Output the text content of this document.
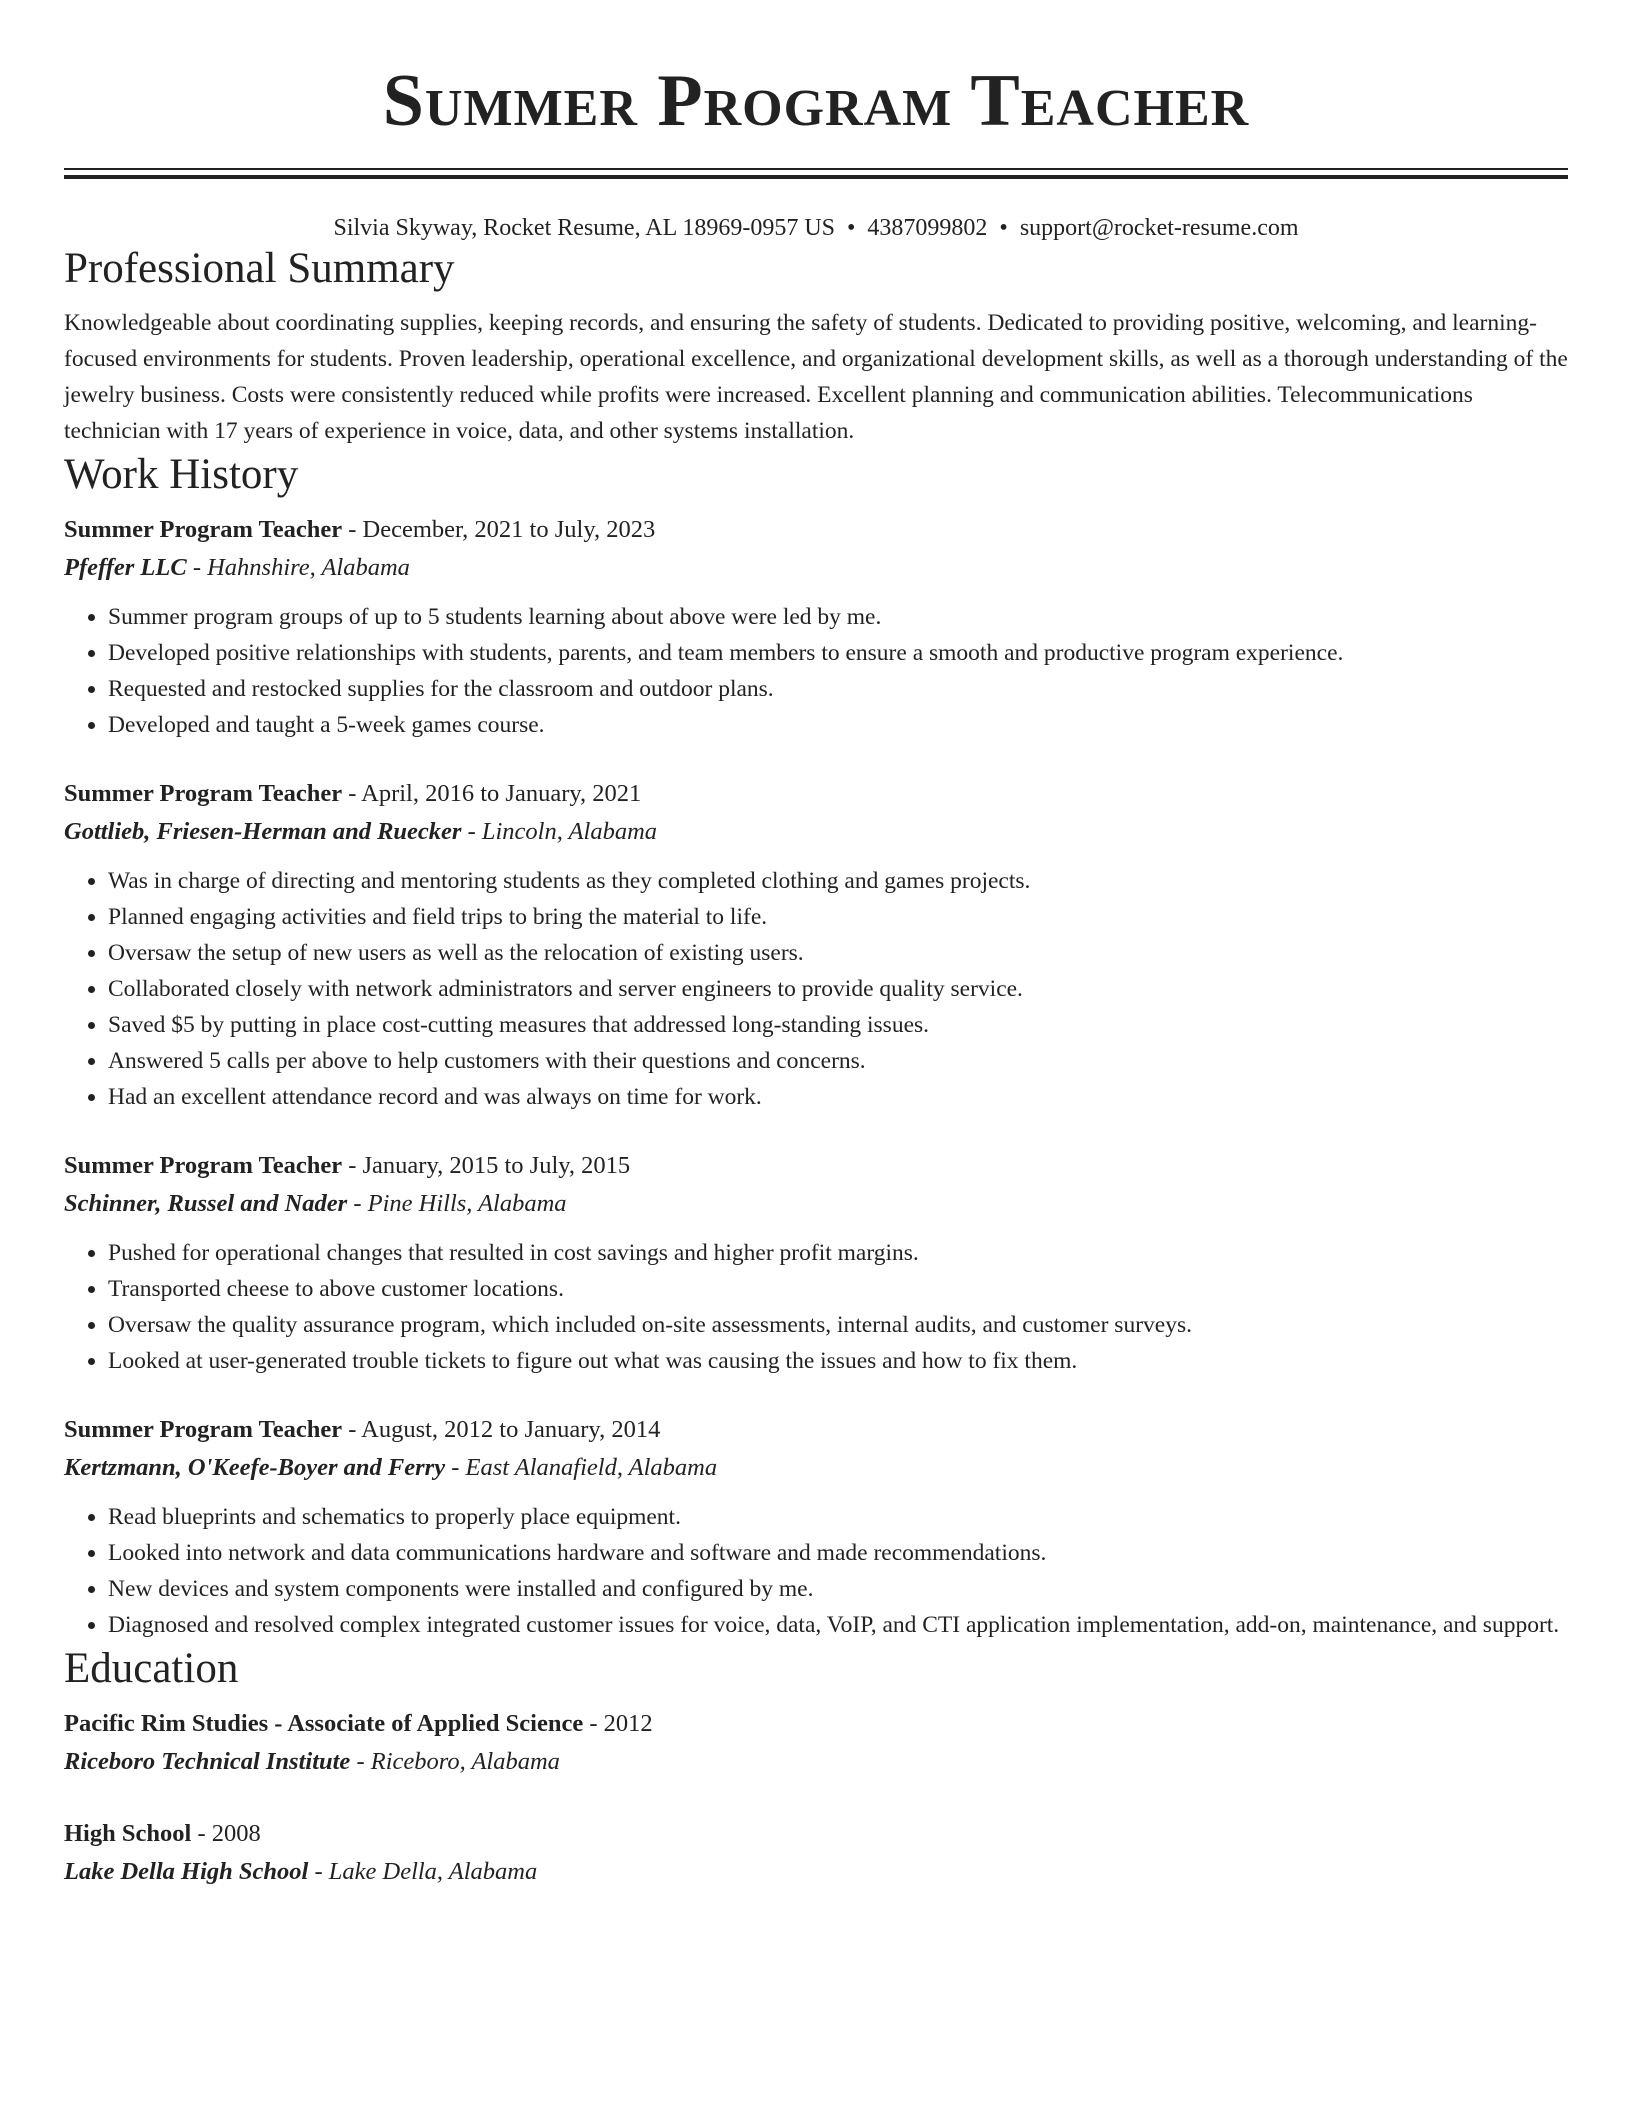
Summer Program Teacher
Silvia Skyway, Rocket Resume, AL 18969-0957 US • 4387099802 • support@rocket-resume.com
Professional Summary
Knowledgeable about coordinating supplies, keeping records, and ensuring the safety of students. Dedicated to providing positive, welcoming, and learning-focused environments for students. Proven leadership, operational excellence, and organizational development skills, as well as a thorough understanding of the jewelry business. Costs were consistently reduced while profits were increased. Excellent planning and communication abilities. Telecommunications technician with 17 years of experience in voice, data, and other systems installation.
Work History
Summer Program Teacher - December, 2021 to July, 2023
Pfeffer LLC - Hahnshire, Alabama
• Summer program groups of up to 5 students learning about above were led by me.
• Developed positive relationships with students, parents, and team members to ensure a smooth and productive program experience.
• Requested and restocked supplies for the classroom and outdoor plans.
• Developed and taught a 5-week games course.
Summer Program Teacher - April, 2016 to January, 2021
Gottlieb, Friesen-Herman and Ruecker - Lincoln, Alabama
• Was in charge of directing and mentoring students as they completed clothing and games projects.
• Planned engaging activities and field trips to bring the material to life.
• Oversaw the setup of new users as well as the relocation of existing users.
• Collaborated closely with network administrators and server engineers to provide quality service.
• Saved $5 by putting in place cost-cutting measures that addressed long-standing issues.
• Answered 5 calls per above to help customers with their questions and concerns.
• Had an excellent attendance record and was always on time for work.
Summer Program Teacher - January, 2015 to July, 2015
Schinner, Russel and Nader - Pine Hills, Alabama
• Pushed for operational changes that resulted in cost savings and higher profit margins.
• Transported cheese to above customer locations.
• Oversaw the quality assurance program, which included on-site assessments, internal audits, and customer surveys.
• Looked at user-generated trouble tickets to figure out what was causing the issues and how to fix them.
Summer Program Teacher - August, 2012 to January, 2014
Kertzmann, O'Keefe-Boyer and Ferry - East Alanafield, Alabama
• Read blueprints and schematics to properly place equipment.
• Looked into network and data communications hardware and software and made recommendations.
• New devices and system components were installed and configured by me.
• Diagnosed and resolved complex integrated customer issues for voice, data, VoIP, and CTI application implementation, add-on, maintenance, and support.
Education
Pacific Rim Studies - Associate of Applied Science - 2012
Riceboro Technical Institute - Riceboro, Alabama
High School - 2008
Lake Della High School - Lake Della, Alabama
